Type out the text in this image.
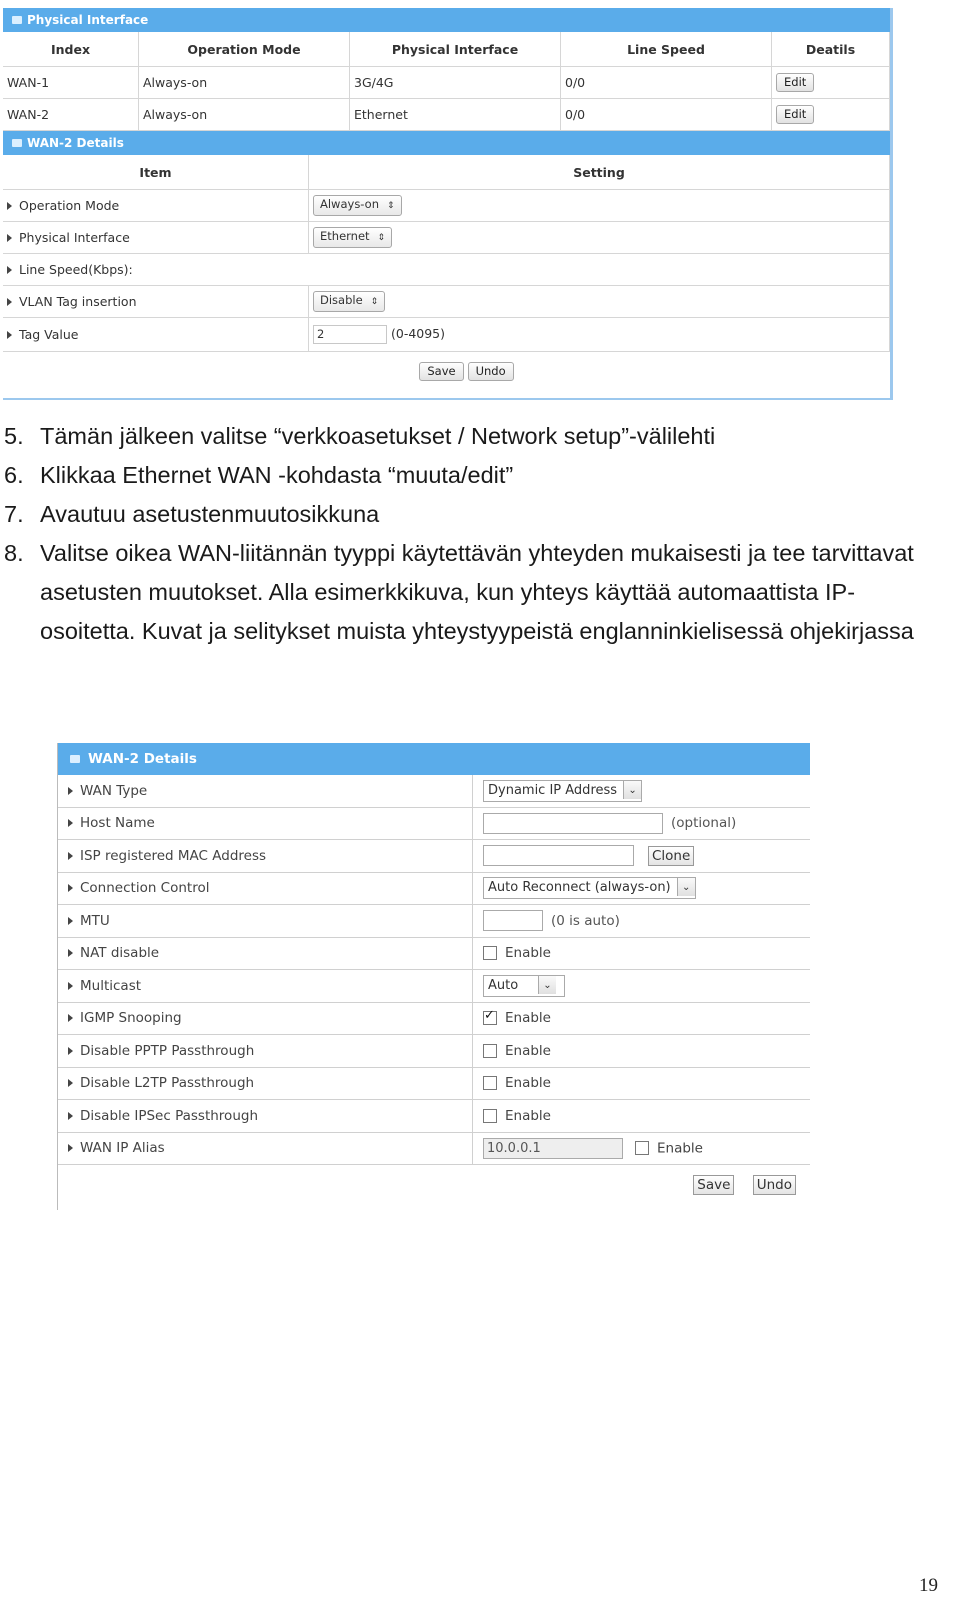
Physical Interface
Index	Operation Mode	Physical Interface	Line Speed	Deatils
WAN-1	Always-on	3G/4G	0/0	Edit
WAN-2	Always-on	Ethernet	0/0	Edit
WAN-2 Details
Item	Setting
Operation Mode	Always-on ⇕
Physical Interface	Ethernet ⇕
Line Speed(Kbps):	
VLAN Tag insertion	Disable ⇕
Tag Value	2 (0-4095)
Save Undo
5. Tämän jälkeen valitse “verkkoasetukset / Network setup”-välilehti
6. Klikkaa Ethernet WAN -kohdasta “muuta/edit”
7. Avautuu asetustenmuutosikkuna
8. Valitse oikea WAN-liitännän tyyppi käytettävän yhteyden mukaisesti ja tee tarvittavat asetusten muutokset. Alla esimerkkikuva, kun yhteys käyttää automaattista IP-osoitetta. Kuvat ja selitykset muista yhteystyypeistä englanninkielisessä ohjekirjassa
WAN-2 Details
WAN Type	Dynamic IP Address ⌄
Host Name	(optional)
ISP registered MAC Address	Clone
Connection Control	Auto Reconnect (always-on) ⌄
MTU	(0 is auto)
NAT disable	Enable
Multicast	Auto ⌄
IGMP Snooping	✓Enable
Disable PPTP Passthrough	Enable
Disable L2TP Passthrough	Enable
Disable IPSec Passthrough	Enable
WAN IP Alias	10.0.0.1 Enable
Save Undo
19
